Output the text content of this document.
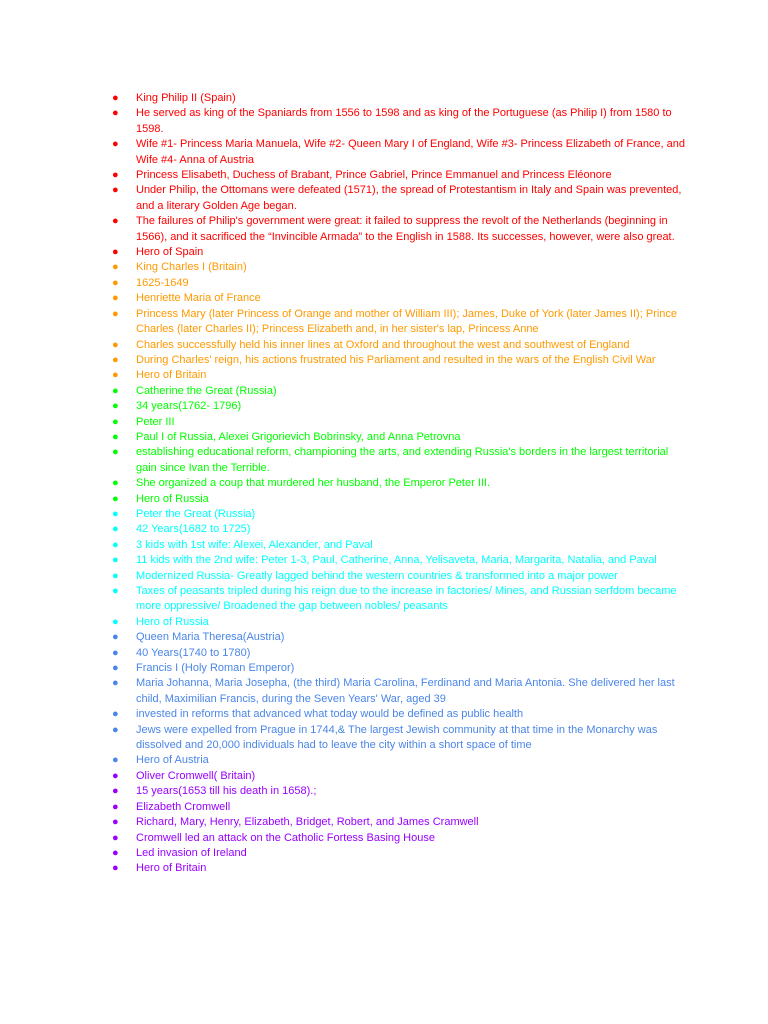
● King Philip II (Spain)
● He served as king of the Spaniards from 1556 to 1598 and as king of the Portuguese (as Philip I) from 1580 to 1598.
● Wife #1- Princess Maria Manuela, Wife #2- Queen Mary I of England, Wife #3- Princess Elizabeth of France, and Wife #4- Anna of Austria
● Princess Elisabeth, Duchess of Brabant, Prince Gabriel, Prince Emmanuel and Princess Eléonore
● Under Philip, the Ottomans were defeated (1571), the spread of Protestantism in Italy and Spain was prevented, and a literary Golden Age began.
● The failures of Philip's government were great: it failed to suppress the revolt of the Netherlands (beginning in 1566), and it sacrificed the “Invincible Armada” to the English in 1588. Its successes, however, were also great.
● Hero of Spain
● King Charles I (Britain)
● 1625-1649
● Henriette Maria of France
● Princess Mary (later Princess of Orange and mother of William III); James, Duke of York (later James II); Prince Charles (later Charles II); Princess Elizabeth and, in her sister's lap, Princess Anne
● Charles successfully held his inner lines at Oxford and throughout the west and southwest of England
● During Charles' reign, his actions frustrated his Parliament and resulted in the wars of the English Civil War
● Hero of Britain
● Catherine the Great (Russia)
● 34 years(1762- 1796)
● Peter III
● Paul I of Russia, Alexei Grigorievich Bobrinsky, and Anna Petrovna
● establishing educational reform, championing the arts, and extending Russia's borders in the largest territorial gain since Ivan the Terrible.
● She organized a coup that murdered her husband, the Emperor Peter III.
● Hero of Russia
● Peter the Great (Russia)
● 42 Years(1682 to 1725)
● 3 kids with 1st wife: Alexei, Alexander, and Paval
● 11 kids with the 2nd wife: Peter 1-3, Paul, Catherine, Anna, Yelisaveta, Maria, Margarita, Natalia, and Paval
● Modernized Russia- Greatly lagged behind the western countries & transformed into a major power
● Taxes of peasants tripled during his reign due to the increase in factories/ Mines, and Russian serfdom became more oppressive/ Broadened the gap between nobles/ peasants
● Hero of Russia
● Queen Maria Theresa(Austria)
● 40 Years(1740 to 1780)
● Francis I (Holy Roman Emperor)
● Maria Johanna, Maria Josepha, (the third) Maria Carolina, Ferdinand and Maria Antonia. She delivered her last child, Maximilian Francis, during the Seven Years' War, aged 39
● invested in reforms that advanced what today would be defined as public health
● Jews were expelled from Prague in 1744,& The largest Jewish community at that time in the Monarchy was dissolved and 20,000 individuals had to leave the city within a short space of time
● Hero of Austria
● Oliver Cromwell( Britain)
● 15 years(1653 till his death in 1658).;
● Elizabeth Cromwell
● Richard, Mary, Henry, Elizabeth, Bridget, Robert, and James Cramwell
● Cromwell led an attack on the Catholic Fortess Basing House
● Led invasion of Ireland
● Hero of Britain
